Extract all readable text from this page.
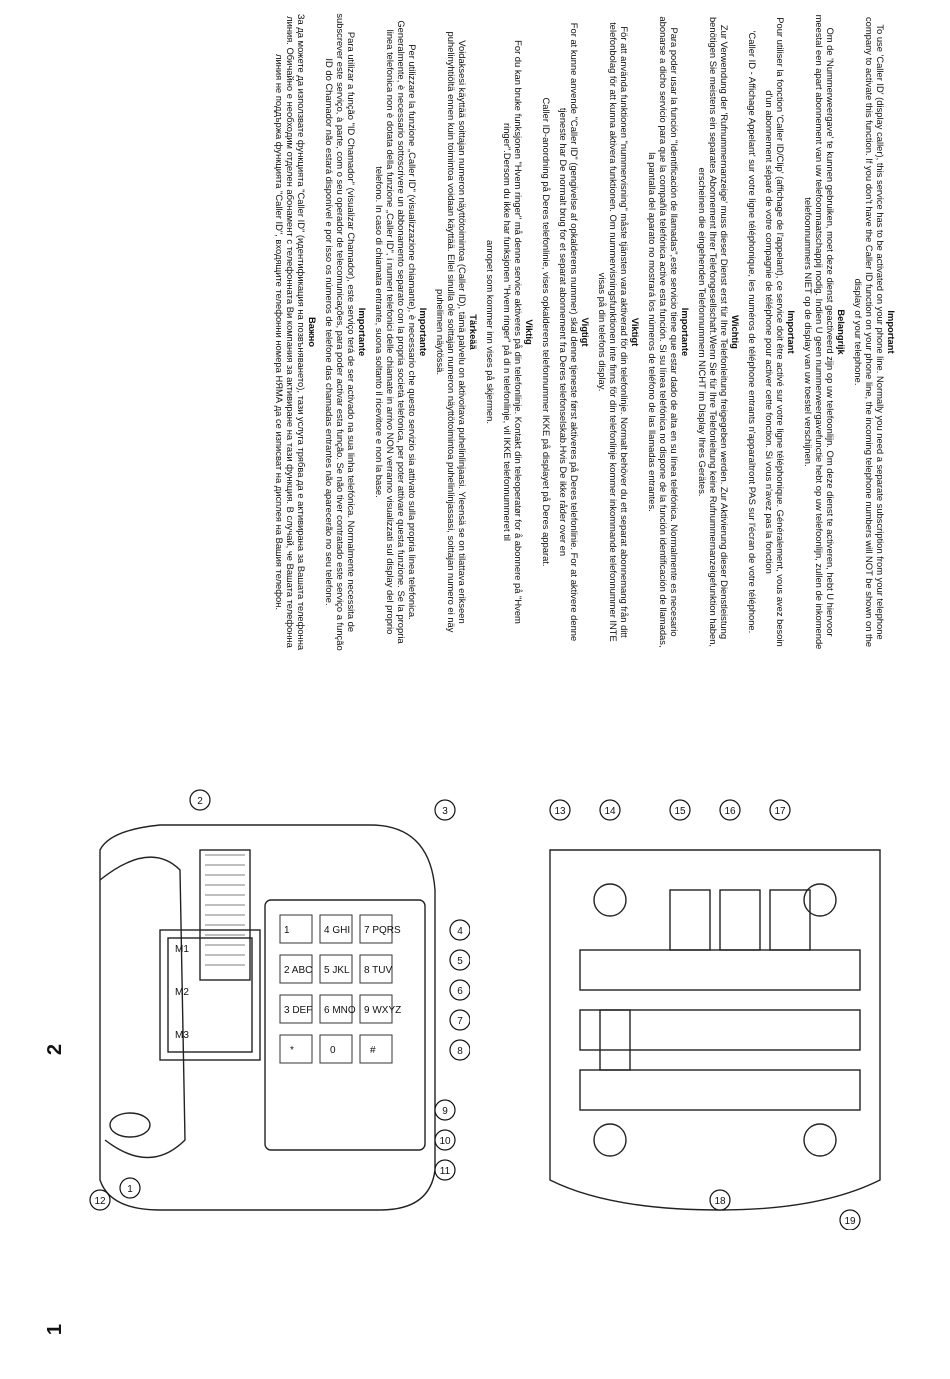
1
2
1
2 ABC
3 DEF
4 GHI
5 JKL
6 MNO
7 PQRS
8 TUV
9 WXYZ
*	0	#
M1
M2
M3
1
2
3
4
5
6
7
8
9
10
11
12
13	14	15	16	17
18
19

Important

To use 'Caller ID' (display caller), this service has to be activated on your phone line. Normally you need a separate subscription from your telephone company to activate this function. If you don't have the Caller ID function on your phone line, the incoming telephone numbers will NOT be shown on the display of your telephone.

Belangrijk

Om de 'Nummerweergave' te kunnen gebruiken, moet deze dienst geactiveerd zijn op uw telefoonlijn. Om deze dienst te activeren, hebt U hiervoor meestal een apart abonnement van uw telefoonmaatschappij nodig. Indien U geen nummerweergavefunctie hebt op uw telefoonlijn, zullen de inkomende telefoonnummers NIET op de display van uw toestel verschijnen.

Important

Pour utiliser la fonction 'Caller ID/Clip' (affichage de l'appelant), ce service doit être activé sur votre ligne téléphonique. Généralement, vous avez besoin d'un abonnement séparé de votre compagnie de téléphone pour activer cette fonction. Si vous n'avez pas la fonction

'Caller ID - Affichage Appelant' sur votre ligne téléphonique, les numéros de téléphone entrants n'apparaîtront PAS sur l'écran de votre téléphone.

Wichtig

Zur Verwendung der 'Rufnummernanzeige' muss dieser Dienst erst für Ihre Telefonleitung freigegeben werden. Zur Aktivierung dieser Dienstleistung benötigen Sie meistens ein separates Abonnement Ihrer Telefongesellschaft.Wenn Sie für Ihre Telefonleitung keine Rufnummernanzeigefunktion haben, erscheinen die eingehenden Telefonnummern NICHT im Display Ihres Gerätes.

Importante

Para poder usar la función "Identificación de llamadas",este servicio tiene que estar dado de alta en su línea telefónica. Normalmente es necesario abonarse a dicho servicio para que la compañía telefónica active esta función. Si su línea telefónica no dispone de la función identificación de llamadas, la pantalla del aparato no mostrará los números de teléfono de las llamadas entrantes.

Viktigt

För att använda funktionen "nummervisning" måste tjänsten vara aktiverad för din telefonlinje. Normalt behöver du ett separat abonnemang från ditt telefonbolag för att kunna aktivera funktionen. Om nummervisningsfunktionen inte finns för din telefonlinje kommer inkommande telefonnummer INTE visas på din telefons display.

Vigtigt

For at kunne anvende "Caller ID" (gengivelse af opkalderens nummer) skal denne tjeneste først aktiveres på Deres telefonlinie. For at aktivere denne tjeneste har De normalt brug for et separat abonnement fra Deres telefonselskab.Hvis De ikke råder over en

Caller ID-anordning på Deres telefonlinie, vises opkalderens telefonnummer IKKE på displayet på Deres apparat.

Viktig

For du kan bruke funksjonen "Hvem ringer" må denne service aktiveres på din telefonlinje. Kontakt din teleoperatør for å abonnere på "Hvem ringer".Dersom du ikke har funksjonen "Hvem ringer" på di n telefonlinje, vil IKKE telefonnummeret til

anropet som kommer inn vises på skjermen.

Tärkeää

Voidaksesi käyttää soittajan numeron näyttötoimintoa (Caller ID), tämä palvelu on aktivoitava puhelinlinjaasi. Yleensä se on tilattava erikseen puhelinyhtiöltä ennen kuin toimintoa voidaan käyttää. Ellei sinulla ole soittajan numeron näyttötoimintoa puhelinlinjassasi, soittajan numero ei näy puhelimen näytössä.

Importante

Per utilizzare la funzione „Caller ID" (visualizzazione chiamante), è necessario che questo servizio sia attivato sulla propria linea telefonica. Generalmente, è necessario sottoscrivere un abbonamento separato con la propria società telefonica, per poter attivare questa funzione. Se la propria linea telefonica non è dotata della funzione „Caller ID", i numeri telefonici delle chiamate in arrivo NON verranno visualizzati sul display del proprio telefono. In caso di chiamata entrante, suona soltanto il ricevitore e non la base.

Importante

Para utilizar a função "ID Chamador" (visualizar Chamador), este serviço terá de ser activado na sua linha telefónica. Normalmente necessita de subscrever este serviço, à parte, com o seu operador de telecomunicações, para poder activar esta função. Se não tiver contratado este serviço a função ID do Chamador não estará disponível e por isso os números de telefone das chamadas entrantes não aparecerão no seu telefone.

Важно

За да можете да използвате функцията "Caller ID" (идентификация на позвъняването), тази услуга трябва да е активирана за Вашата телефонна линия. Обичайно е необходим отделен абонамент с телефонната Ви компания за активиране на тази функция. В случай, че Вашата телефонна линия не поддържа функцията "Caller ID", входящите телефонни номера НЯМА да се изписват на дисплея на Вашия телефон.
